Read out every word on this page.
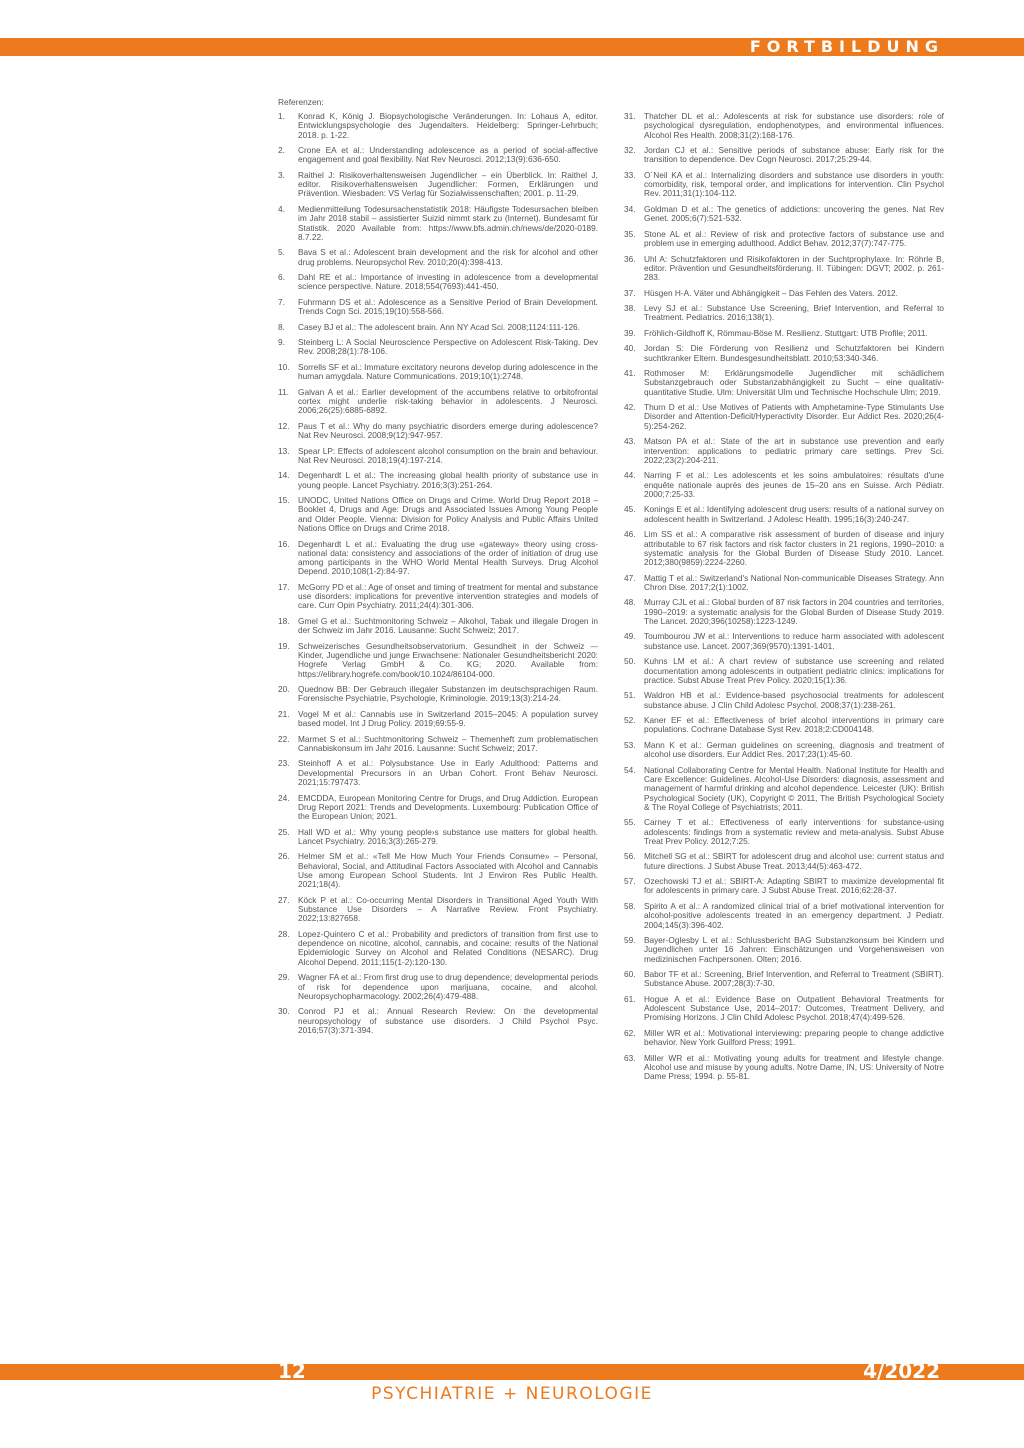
FORTBILDUNG
Referenzen:
1. Konrad K, König J. Biopsychologische Veränderungen. In: Lohaus A, editor. Entwicklungspsychologie des Jugendalters. Heidelberg: Springer-Lehrbuch; 2018. p. 1-22.
2. Crone EA et al.: Understanding adolescence as a period of social-affective engagement and goal flexibility. Nat Rev Neurosci. 2012;13(9):636-650.
3. Raithel J: Risikoverhaltensweisen Jugendlicher – ein Überblick. In: Raithel J, editor. Risikoverhaltensweisen Jugendlicher: Formen, Erklärungen und Prävention. Wiesbaden: VS Verlag für Sozialwissenschaften; 2001. p. 11-29.
4. Medienmitteilung Todesursachenstatistik 2018: Häufigste Todesursachen bleiben im Jahr 2018 stabil – assistierter Suizid nimmt stark zu (Internet). Bundesamt für Statistik. 2020 Available from: https://www.bfs.admin.ch/news/de/2020-0189. 8.7.22.
5. Bava S et al.: Adolescent brain development and the risk for alcohol and other drug problems. Neuropsychol Rev. 2010;20(4):398-413.
6. Dahl RE et al.: Importance of investing in adolescence from a developmental science perspective. Nature. 2018;554(7693):441-450.
7. Fuhrmann DS et al.: Adolescence as a Sensitive Period of Brain Development. Trends Cogn Sci. 2015;19(10):558-566.
8. Casey BJ et al.: The adolescent brain. Ann NY Acad Sci. 2008;1124:111-126.
9. Steinberg L: A Social Neuroscience Perspective on Adolescent Risk-Taking. Dev Rev. 2008;28(1):78-106.
10. Sorrells SF et al.: Immature excitatory neurons develop during adolescence in the human amygdala. Nature Communications. 2019;10(1):2748.
11. Galvan A et al.: Earlier development of the accumbens relative to orbitofrontal cortex might underlie risk-taking behavior in adolescents. J Neurosci. 2006;26(25):6885-6892.
12. Paus T et al.: Why do many psychiatric disorders emerge during adolescence? Nat Rev Neurosci. 2008;9(12):947-957.
13. Spear LP: Effects of adolescent alcohol consumption on the brain and behaviour. Nat Rev Neurosci. 2018;19(4):197-214.
14. Degenhardt L et al.: The increasing global health priority of substance use in young people. Lancet Psychiatry. 2016;3(3):251-264.
15. UNODC, United Nations Office on Drugs and Crime. World Drug Report 2018 – Booklet 4, Drugs and Age: Drugs and Associated Issues Among Young People and Older People. Vienna: Division for Policy Analysis and Public Affairs United Nations Office on Drugs and Crime 2018.
16. Degenhardt L et al.: Evaluating the drug use «gateway» theory using cross-national data: consistency and associations of the order of initiation of drug use among participants in the WHO World Mental Health Surveys. Drug Alcohol Depend. 2010;108(1-2):84-97.
17. McGorry PD et al.: Age of onset and timing of treatment for mental and substance use disorders: implications for preventive intervention strategies and models of care. Curr Opin Psychiatry. 2011;24(4):301-306.
18. Gmel G et al.: Suchtmonitoring Schweiz – Alkohol, Tabak und illegale Drogen in der Schweiz im Jahr 2016. Lausanne: Sucht Schweiz; 2017.
19. Schweizerisches Gesundheitsobservatorium. Gesundheit in der Schweiz –- Kinder, Jugendliche und junge Erwachsene: Nationaler Gesundheitsbericht 2020: Hogrefe Verlag GmbH & Co. KG; 2020. Available from: https://elibrary.hogrefe.com/book/10.1024/86104-000.
20. Quednow BB: Der Gebrauch illegaler Substanzen im deutschsprachigen Raum. Forensische Psychiatrie, Psychologie, Kriminologie. 2019;13(3):214-24.
21. Vogel M et al.: Cannabis use in Switzerland 2015–2045: A population survey based model. Int J Drug Policy. 2019;69:55-9.
22. Marmet S et al.: Suchtmonitoring Schweiz – Themenheft zum problematischen Cannabiskonsum im Jahr 2016. Lausanne: Sucht Schweiz; 2017.
23. Steinhoff A et al.: Polysubstance Use in Early Adulthood: Patterns and Developmental Precursors in an Urban Cohort. Front Behav Neurosci. 2021;15:797473.
24. EMCDDA, European Monitoring Centre for Drugs, and Drug Addiction. European Drug Report 2021: Trends and Developments. Luxembourg: Publication Office of the European Union; 2021.
25. Hall WD et al.: Why young people›s substance use matters for global health. Lancet Psychiatry. 2016;3(3):265-279.
26. Helmer SM et al.: «Tell Me How Much Your Friends Consume» – Personal, Behavioral, Social, and Attitudinal Factors Associated with Alcohol and Cannabis Use among European School Students. Int J Environ Res Public Health. 2021;18(4).
27. Köck P et al.: Co-occurring Mental Disorders in Transitional Aged Youth With Substance Use Disorders – A Narrative Review. Front Psychiatry. 2022;13:827658.
28. Lopez-Quintero C et al.: Probability and predictors of transition from first use to dependence on nicotine, alcohol, cannabis, and cocaine: results of the National Epidemiologic Survey on Alcohol and Related Conditions (NESARC). Drug Alcohol Depend. 2011;115(1-2):120-130.
29. Wagner FA et al.: From first drug use to drug dependence; developmental periods of risk for dependence upon marijuana, cocaine, and alcohol. Neuropsychopharmacology. 2002;26(4):479-488.
30. Conrod PJ et al.: Annual Research Review: On the developmental neuropsychology of substance use disorders. J Child Psychol Psyc. 2016;57(3):371-394.
31. Thatcher DL et al.: Adolescents at risk for substance use disorders: role of psychological dysregulation, endophenotypes, and environmental influences. Alcohol Res Health. 2008;31(2):168-176.
32. Jordan CJ et al.: Sensitive periods of substance abuse: Early risk for the transition to dependence. Dev Cogn Neurosci. 2017;25:29-44.
33. O´Neil KA et al.: Internalizing disorders and substance use disorders in youth: comorbidity, risk, temporal order, and implications for intervention. Clin Psychol Rev. 2011;31(1):104-112.
34. Goldman D et al.: The genetics of addictions: uncovering the genes. Nat Rev Genet. 2005;6(7):521-532.
35. Stone AL et al.: Review of risk and protective factors of substance use and problem use in emerging adulthood. Addict Behav. 2012;37(7):747-775.
36. Uhl A: Schutzfaktoren und Risikofaktoren in der Suchtprophylaxe. In: Röhrle B, editor. Prävention und Gesundheitsförderung. II. Tübingen: DGVT; 2002. p. 261-283.
37. Hüsgen H-A. Väter und Abhängigkeit – Das Fehlen des Vaters. 2012.
38. Levy SJ et al.: Substance Use Screening, Brief Intervention, and Referral to Treatment. Pediatrics. 2016;138(1).
39. Fröhlich-Gildhoff K, Römmau-Böse M. Resilienz. Stuttgart: UTB Profile; 2011.
40. Jordan S: Die Förderung von Resilienz und Schutzfaktoren bei Kindern suchtkranker Eltern. Bundesgesundheitsblatt. 2010;53:340-346.
41. Rothmoser M: Erklärungsmodelle Jugendlicher mit schädlichem Substanzgebrauch oder Substanzabhängigkeit zu Sucht – eine qualitativ-quantitative Studie. Ulm: Universität Ulm und Technische Hochschule Ulm; 2019.
42. Thurn D et al.: Use Motives of Patients with Amphetamine-Type Stimulants Use Disorder and Attention-Deficit/Hyperactivity Disorder. Eur Addict Res. 2020;26(4-5):254-262.
43. Matson PA et al.: State of the art in substance use prevention and early intervention: applications to pediatric primary care settings. Prev Sci. 2022;23(2):204-211.
44. Narring F et al.: Les adolescents et les soins ambulatoires: résultats d'une enquête nationale auprès des jeunes de 15–20 ans en Suisse. Arch Pédiatr. 2000;7:25-33.
45. Konings E et al.: Identifying adolescent drug users: results of a national survey on adolescent health in Switzerland. J Adolesc Health. 1995;16(3):240-247.
46. Lim SS et al.: A comparative risk assessment of burden of disease and injury attributable to 67 risk factors and risk factor clusters in 21 regions, 1990–2010: a systematic analysis for the Global Burden of Disease Study 2010. Lancet. 2012;380(9859):2224-2260.
47. Mattig T et al.: Switzerland's National Non-communicable Diseases Strategy. Ann Chron Dise. 2017;2(1):1002.
48. Murray CJL et al.: Global burden of 87 risk factors in 204 countries and territories, 1990–2019: a systematic analysis for the Global Burden of Disease Study 2019. The Lancet. 2020;396(10258):1223-1249.
49. Toumbourou JW et al.: Interventions to reduce harm associated with adolescent substance use. Lancet. 2007;369(9570):1391-1401.
50. Kuhns LM et al.: A chart review of substance use screening and related documentation among adolescents in outpatient pediatric clinics: implications for practice. Subst Abuse Treat Prev Policy. 2020;15(1):36.
51. Waldron HB et al.: Evidence-based psychosocial treatments for adolescent substance abuse. J Clin Child Adolesc Psychol. 2008;37(1):238-261.
52. Kaner EF et al.: Effectiveness of brief alcohol interventions in primary care populations. Cochrane Database Syst Rev. 2018;2:CD004148.
53. Mann K et al.: German guidelines on screening, diagnosis and treatment of alcohol use disorders. Eur Addict Res. 2017;23(1):45-60.
54. National Collaborating Centre for Mental Health. National Institute for Health and Care Excellence: Guidelines. Alcohol-Use Disorders: diagnosis, assessment and management of harmful drinking and alcohol dependence. Leicester (UK): British Psychological Society (UK), Copyright © 2011, The British Psychological Society & The Royal College of Psychiatrists; 2011.
55. Carney T et al.: Effectiveness of early interventions for substance-using adolescents: findings from a systematic review and meta-analysis. Subst Abuse Treat Prev Policy. 2012;7:25.
56. Mitchell SG et al.: SBIRT for adolescent drug and alcohol use: current status and future directions. J Subst Abuse Treat. 2013;44(5):463-472.
57. Ozechowski TJ et al.: SBIRT-A: Adapting SBIRT to maximize developmental fit for adolescents in primary care. J Subst Abuse Treat. 2016;62:28-37.
58. Spirito A et al.: A randomized clinical trial of a brief motivational intervention for alcohol-positive adolescents treated in an emergency department. J Pediatr. 2004;145(3):396-402.
59. Bayer-Oglesby L et al.: Schlussbericht BAG Substanzkonsum bei Kindern und Jugendlichen unter 16 Jahren: Einschätzungen und Vorgehensweisen von medizinischen Fachpersonen. Olten; 2016.
60. Babor TF et al.: Screening, Brief Intervention, and Referral to Treatment (SBIRT). Substance Abuse. 2007;28(3):7-30.
61. Hogue A et al.: Evidence Base on Outpatient Behavioral Treatments for Adolescent Substance Use, 2014–2017: Outcomes, Treatment Delivery, and Promising Horizons. J Clin Child Adolesc Psychol. 2018;47(4):499-526.
62. Miller WR et al.: Motivational interviewing: preparing people to change addictive behavior. New York Guilford Press; 1991.
63. Miller WR et al.: Motivating young adults for treatment and lifestyle change. Alcohol use and misuse by young adults. Notre Dame, IN, US: University of Notre Dame Press; 1994. p. 55-81.
12	4/2022
PSYCHIATRIE + NEUROLOGIE
